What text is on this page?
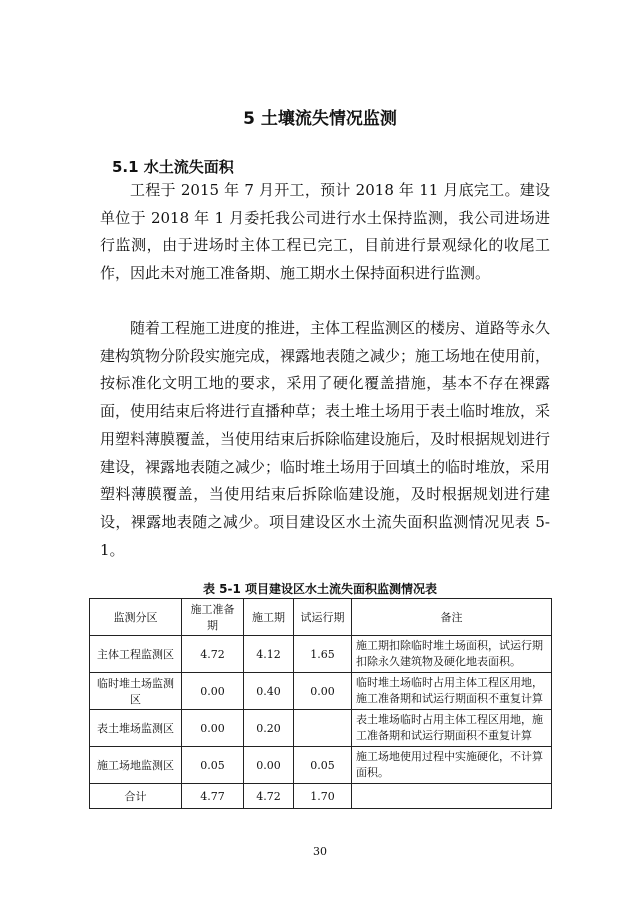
5 土壤流失情况监测
5.1 水土流失面积

工程于 2015 年 7 月开工，预计 2018 年 11 月底完工。建设单位于 2018 年 1 月委托我公司进行水土保持监测，我公司进场进行监测，由于进场时主体工程已完工，目前进行景观绿化的收尾工作，因此未对施工准备期、施工期水土保持面积进行监测。

随着工程施工进度的推进，主体工程监测区的楼房、道路等永久建构筑物分阶段实施完成，裸露地表随之减少；施工场地在使用前，按标准化文明工地的要求，采用了硬化覆盖措施，基本不存在裸露面，使用结束后将进行直播种草；表土堆土场用于表土临时堆放，采用塑料薄膜覆盖，当使用结束后拆除临建设施后，及时根据规划进行建设，裸露地表随之减少；临时堆土场用于回填土的临时堆放，采用塑料薄膜覆盖，当使用结束后拆除临建设施，及时根据规划进行建设，裸露地表随之减少。项目建设区水土流失面积监测情况见表 5-1。

表 5-1 项目建设区水土流失面积监测情况表
监测分区	施工准备期	施工期	试运行期	备注
主体工程监测区	4.72	4.12	1.65	施工期扣除临时堆土场面积，试运行期扣除永久建筑物及硬化地表面积。
临时堆土场监测区	0.00	0.40	0.00	临时堆土场临时占用主体工程区用地，施工准备期和试运行期面积不重复计算
表土堆场监测区	0.00	0.20		表土堆场临时占用主体工程区用地，施工准备期和试运行期面积不重复计算
施工场地监测区	0.05	0.00	0.05	施工场地使用过程中实施硬化，不计算面积。
合计	4.77	4.72	1.70	
30
